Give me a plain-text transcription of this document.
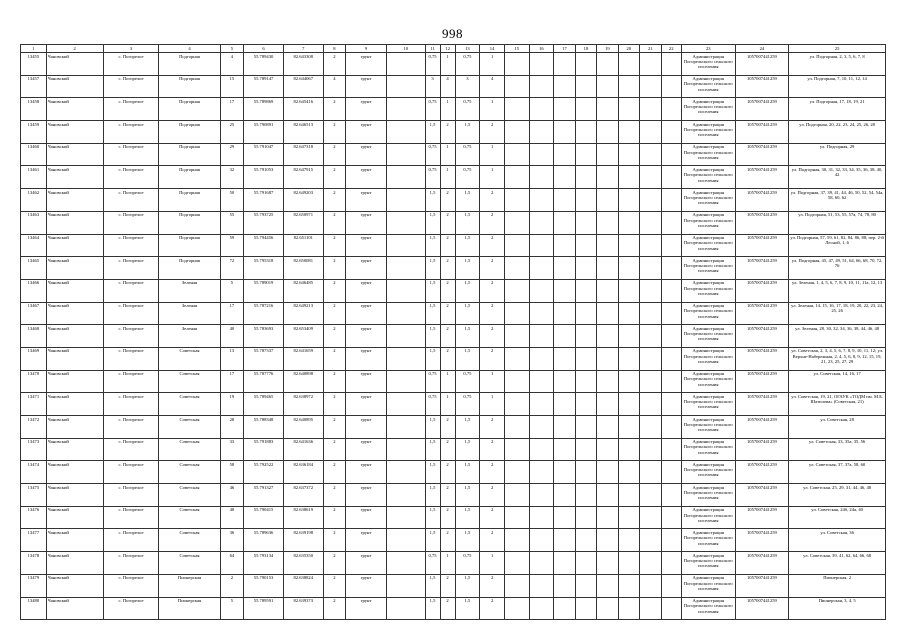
998
1	2	3	4	5	6	7	8	9	10	11	12	13	14	15	16	17	18	19	20	21	22	23	24	25
13455	Чановский	с. Погорелое	Подгорная	4	55.789430	82.643308	2	грунт		0,75	1	0,75	1									Администрация Погорельского сельского поселения	1057007441259	ул. Подгорная, 2, 3, 5, 6, 7, 8
13457	Чановский	с. Погорелое	Подгорная	15	55.789147	82.644067	4	грунт		3	4	3	4									Администрация Погорельского сельского поселения	1057007441259	ул. Подгорная, 7, 10, 11, 12, 14
13458	Чановский	с. Погорелое	Подгорная	17	55.789869	82.645416	2	грунт		0,75	1	0,75	1									Администрация Погорельского сельского поселения	1057007441259	ул. Подгорная, 17, 18, 19, 21
13459	Чановский	с. Погорелое	Подгорная	25	55.790891	82.646513	2	грунт		1,5	2	1,5	2									Администрация Погорельского сельского поселения	1057007441259	ул. Подгорная, 20, 22, 23, 24, 25, 26, 28
13460	Чановский	с. Погорелое	Подгорная	29	55.791047	82.647318	2	грунт		0,75	1	0,75	1									Администрация Погорельского сельского поселения	1057007441259	ул. Подгорная, 29
13461	Чановский	с. Погорелое	Подгорная	32	55.791053	82.647915	2	грунт		0,75	1	0,75	1									Администрация Погорельского сельского поселения	1057007441259	ул. Подгорная, 30, 31, 32, 33, 34, 35, 36, 38, 40, 42
13462	Чановский	с. Погорелое	Подгорная	50	55.791687	82.649203	2	грунт		1,5	2	1,5	2									Администрация Погорельского сельского поселения	1057007441259	ул. Подгорная, 37, 39, 41, 44, 46, 50, 52, 54, 54а, 58, 60, 62
13463	Чановский	с. Погорелое	Подгорная	55	55.793725	82.650971	2	грунт		1,5	2	1,5	2									Администрация Погорельского сельского поселения	1057007441259	ул. Подгорная, 51, 53, 55, 57а, 74, 78, 80
13464	Чановский	с. Погорелое	Подгорная	59	55.794456	82.651101	2	грунт		1,5	2	1,5	2									Администрация Погорельского сельского поселения	1057007441259	ул. Подгорная, 57, 59, 61, 82, 84, 86, 88; пер. 2-й Лесной, 1, 6
13465	Чановский	с. Погорелое	Подгорная	72	55.795318	82.650081	2	грунт		1,5	2	1,5	2									Администрация Погорельского сельского поселения	1057007441259	ул. Подгорная, 45, 47, 49, 51, 64, 66, 68, 70, 72, 76
13466	Чановский	с. Погорелое	Зеленая	5	55.789019	82.646485	2	грунт		1,5	2	1,5	2									Администрация Погорельского сельского поселения	1057007441259	ул. Зеленая, 1, 4, 5, 6, 7, 8, 9, 10, 11, 11а, 12, 13
13467	Чановский	с. Погорелое	Зеленая	17	55.787216	82.649213	2	грунт		1,5	2	1,5	2									Администрация Погорельского сельского поселения	1057007441259	ул. Зеленая, 14, 15, 16, 17, 18, 19, 20, 22, 23, 24, 25, 26
13468	Чановский	с. Погорелое	Зеленая	40	55.783693	82.653409	2	грунт		1,5	2	1,5	2									Администрация Погорельского сельского поселения	1057007441259	ул. Зеленая, 28, 30, 32, 34, 36, 38, 44, 46, 48
13469	Чановский	с. Погорелое	Советская	13	55.787337	82.641659	2	грунт		1,5	2	1,5	2									Администрация Погорельского сельского поселения	1057007441259	ул. Советская, 2, 3, 4, 5, 6, 7, 8, 9, 10, 11, 12; ул. Верхне-Набережная, 2, 4, 5, 6, 8, 9, 12, 15, 19, 21, 23, 25, 27, 29
13470	Чановский	с. Погорелое	Советская	17	55.787776	82.640898	2	грунт		0,75	1	0,75	1									Администрация Погорельского сельского поселения	1057007441259	ул. Советская, 14, 16, 17
13471	Чановский	с. Погорелое	Советская	19	55.789465	82.638972	2	грунт		0,75	1	0,75	1									Администрация Погорельского сельского поселения	1057007441259	ул. Советская, 19, 21, ОГАУК «ТОДМ им. М.Б. Шатилова» (Советская, 21)
13472	Чановский	с. Погорелое	Советская	28	55.788348	82.640895	2	грунт		1,5	2	1,5	2									Администрация Погорельского сельского поселения	1057007441259	ул. Советская, 28
13473	Чановский	с. Погорелое	Советская	33	55.791883	82.641636	2	грунт		1,5	2	1,5	2									Администрация Погорельского сельского поселения	1057007441259	ул. Советская, 33, 35а, 35, 56
13474	Чановский	с. Погорелое	Советская	58	55.792522	82.636184	2	грунт		1,5	2	1,5	2									Администрация Погорельского сельского поселения	1057007441259	ул. Советская, 37, 37а, 58, 60
13475	Чановский	с. Погорелое	Советская	46	55.791327	82.637372	2	грунт		1,5	2	1,5	2									Администрация Погорельского сельского поселения	1057007441259	ул. Советская, 25, 29, 31, 44, 46, 48
13476	Чановский	с. Погорелое	Советская	40	55.790415	82.638619	2	грунт		1,5	2	1,5	2									Администрация Погорельского сельского поселения	1057007441259	ул. Советская, 24б, 24а, 40
13477	Чановский	с. Погорелое	Советская	36	55.789636	82.639198	2	грунт		1,5	2	1,5	2									Администрация Погорельского сельского поселения	1057007441259	ул. Советская, 36
13478	Чановский	с. Погорелое	Советская	64	55.793134	82.635350	2	грунт		0,75	1	0,75	1									Администрация Погорельского сельского поселения	1057007441259	ул. Советская, 39, 41, 62, 64, 66, 68
13479	Чановский	с. Погорелое	Пионерская	2	55.790153	82.638824	2	грунт		1,5	2	1,5	2									Администрация Погорельского сельского поселения	1057007441259	Пионерская, 2
13480	Чановский	с. Погорелое	Пионерская	5	55.789591	82.639373	2	грунт		1,5	2	1,5	2									Администрация Погорельского сельского поселения	1057007441259	Пионерская, 3, 4, 5
